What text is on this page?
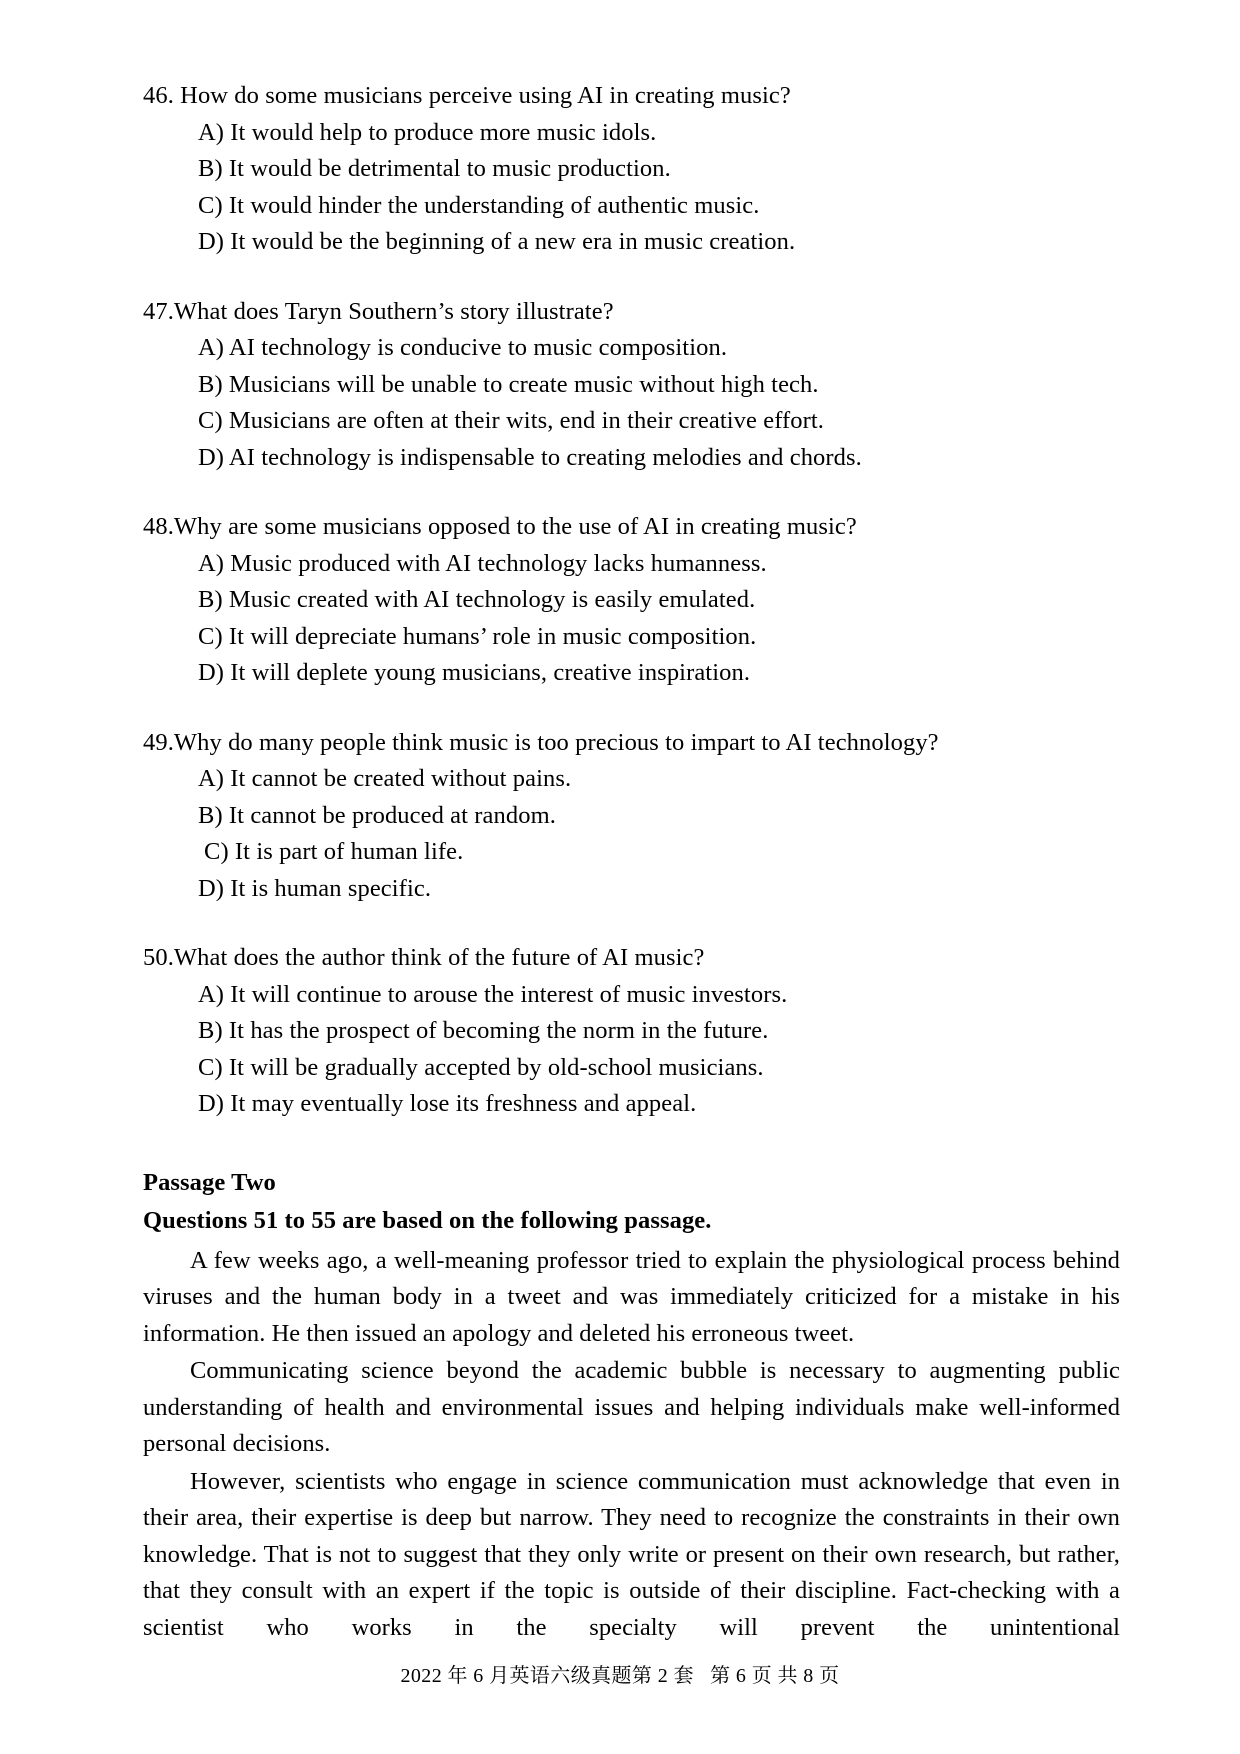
46. How do some musicians perceive using AI in creating music?
A) It would help to produce more music idols.
B) It would be detrimental to music production.
C) It would hinder the understanding of authentic music.
D) It would be the beginning of a new era in music creation.
47.What does Taryn Southern’s story illustrate?
A) AI technology is conducive to music composition.
B) Musicians will be unable to create music without high tech.
C) Musicians are often at their wits, end in their creative effort.
D) AI technology is indispensable to creating melodies and chords.
48.Why are some musicians opposed to the use of AI in creating music?
A) Music produced with AI technology lacks humanness.
B) Music created with AI technology is easily emulated.
C) It will depreciate humans’ role in music composition.
D) It will deplete young musicians, creative inspiration.
49.Why do many people think music is too precious to impart to AI technology?
A) It cannot be created without pains.
B) It cannot be produced at random.
C) It is part of human life.
D) It is human specific.
50.What does the author think of the future of AI music?
A) It will continue to arouse the interest of music investors.
B) It has the prospect of becoming the norm in the future.
C) It will be gradually accepted by old-school musicians.
D) It may eventually lose its freshness and appeal.
Passage Two
Questions 51 to 55 are based on the following passage.

A few weeks ago, a well-meaning professor tried to explain the physiological process behind viruses and the human body in a tweet and was immediately criticized for a mistake in his information. He then issued an apology and deleted his erroneous tweet.

Communicating science beyond the academic bubble is necessary to augmenting public understanding of health and environmental issues and helping individuals make well-informed personal decisions.

However, scientists who engage in science communication must acknowledge that even in their area, their expertise is deep but narrow. They need to recognize the constraints in their own knowledge. That is not to suggest that they only write or present on their own research, but rather, that they consult with an expert if the topic is outside of their discipline. Fact-checking with a scientist who works in the specialty will prevent the unintentional

2022 年 6 月英语六级真题第 2 套   第 6 页 共 8 页
